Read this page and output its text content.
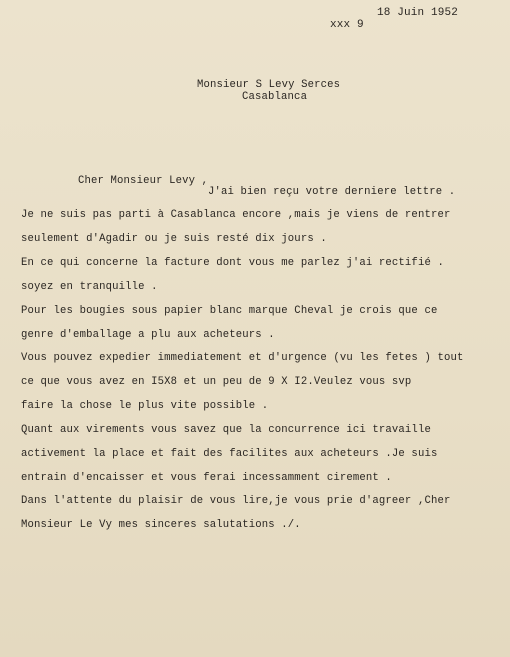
18 Juin 1952
xxx 9
Monsieur S Levy Serces
Casablanca
Cher Monsieur Levy ,
J'ai bien reçu votre derniere lettre .
Je ne suis pas parti à Casablanca encore ,mais je viens de rentrer
seulement d'Agadir ou je suis resté dix jours .
En ce qui concerne la facture dont vous me parlez j'ai rectifié .
soyez en tranquille .
Pour les bougies sous papier blanc marque Cheval je crois que ce
genre d'emballage a plu aux acheteurs .
Vous pouvez expedier immediatement et d'urgence (vu les fetes ) tout
ce que vous avez en I5X8 et un peu de 9 X I2.Veulez vous svp
faire la chose le plus vite possible .
Quant aux virements vous savez que la concurrence ici travaille
activement la place et fait des facilites aux acheteurs .Je suis
entrain d'encaisser et vous ferai incessamment cirement .
Dans l'attente du plaisir de vous lire,je vous prie d'agreer ,Cher
Monsieur Le Vy mes sinceres salutations ./.
